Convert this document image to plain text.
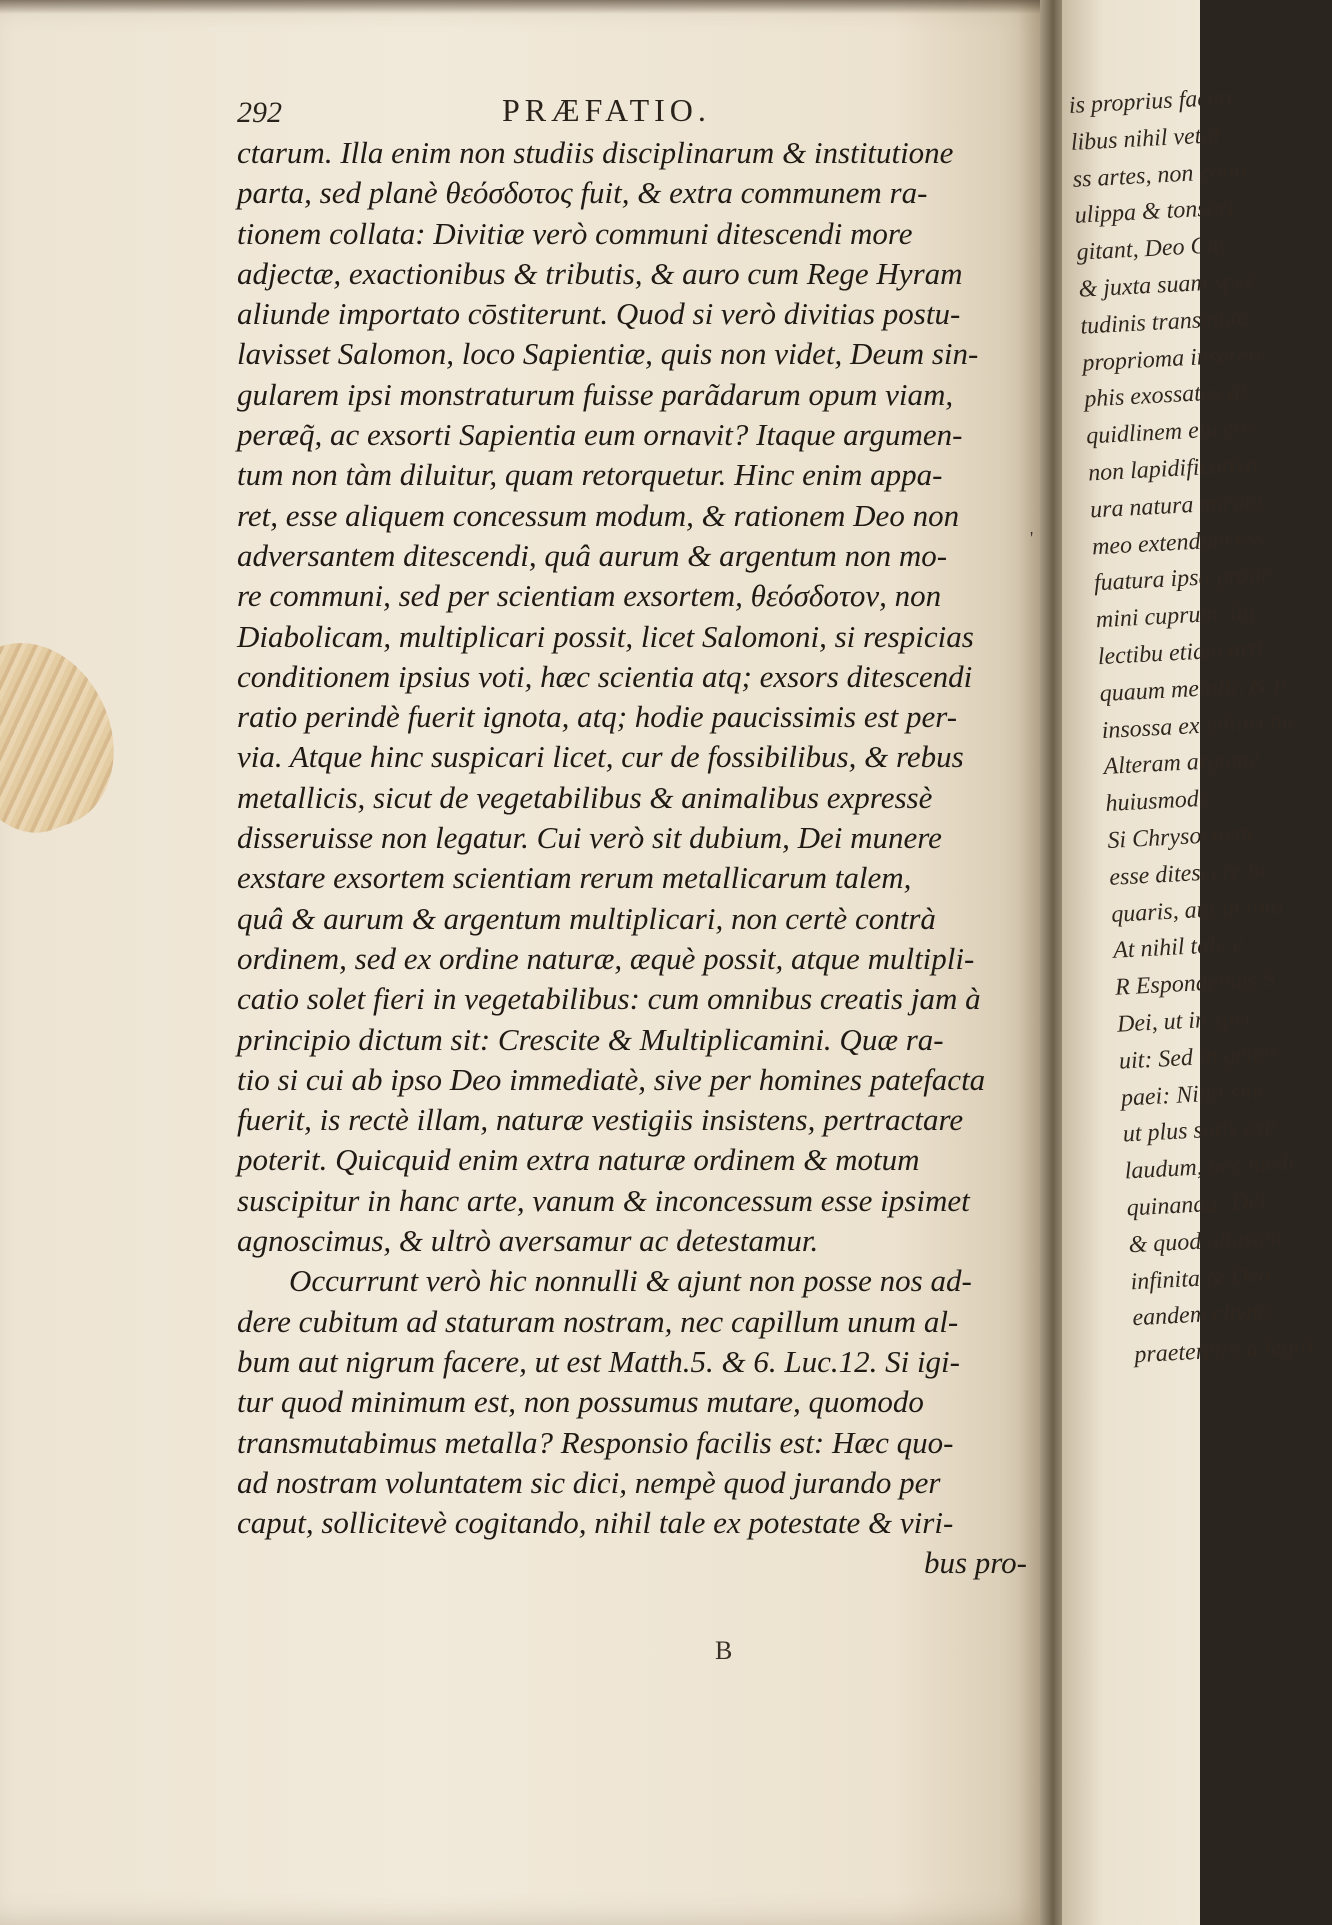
292	PRÆFATIO.
ctarum. Illa enim non studiis disciplinarum & institutione
parta, sed planè θεόσδοτος fuit, & extra communem ra-
tionem collata: Divitiæ verò communi ditescendi more
adjectæ, exactionibus & tributis, & auro cum Rege Hyram
aliunde importato cōstiterunt. Quod si verò divitias postu-
lavisset Salomon, loco Sapientiæ, quis non videt, Deum sin-
gularem ipsi monstraturum fuisse parãdarum opum viam,
peræq̃, ac exsorti Sapientia eum ornavit? Itaque argumen-
tum non tàm diluitur, quam retorquetur. Hinc enim appa-
ret, esse aliquem concessum modum, & rationem Deo non
adversantem ditescendi, quâ aurum & argentum non mo-
re communi, sed per scientiam exsortem, θεόσδοτον, non
Diabolicam, multiplicari possit, licet Salomoni, si respicias
conditionem ipsius voti, hæc scientia atq; exsors ditescendi
ratio perindè fuerit ignota, atq; hodie paucissimis est per-
via. Atque hinc suspicari licet, cur de fossibilibus, & rebus
metallicis, sicut de vegetabilibus & animalibus expressè
disseruisse non legatur. Cui verò sit dubium, Dei munere
exstare exsortem scientiam rerum metallicarum talem,
quâ & aurum & argentum multiplicari, non certè contrà
ordinem, sed ex ordine naturæ, æquè possit, atque multipli-
catio solet fieri in vegetabilibus: cum omnibus creatis jam à
principio dictum sit: Crescite & Multiplicamini. Quæ ra-
tio si cui ab ipso Deo immediatè, sive per homines patefacta
fuerit, is rectè illam, naturæ vestigiis insistens, pertractare
poterit. Quicquid enim extra naturæ ordinem & motum
suscipitur in hanc arte, vanum & inconcessum esse ipsimet
agnoscimus, & ultrò aversamur ac detestamur.
Occurrunt verò hic nonnulli & ajunt non posse nos ad-
dere cubitum ad staturam nostram, nec capillum unum al-
bum aut nigrum facere, ut est Matth.5. & 6. Luc.12. Si igi-
tur quod minimum est, non possumus mutare, quomodo
transmutabimus metalla? Responsio facilis est: Hæc quo-
ad nostram voluntatem sic dici, nempè quod jurando per
caput, sollicitevè cogitando, nihil tale ex potestate & viri-
bus pro-
'
B
is proprius facere
libus nihil vetat
ss artes, non contr
ulippa & tonsori
gitant, Deo Chy
& juxta suam spec
tudinis transmuta
proprioma inserere
phis exossatos ar
quidlinem elicere,
non lapidificativa
ura natura mirant
meo extendum ess
fuatura ipsa propr
mini cuprum, lig
lectibu etiam arti
quaum metalli, & p
insossa ex viliori me
Alteram argume
huiusmodi.
Si Chrysochym
esse ditescere lic
quaris, aut in tota
At nihil tale e
R Espondemus S
Dei, ut in spec
uit: Sed in gener
paei: Nihil sine
ut plus satis exp
laudum, nec medi
quinanda: Dei
& quod abusum,
infinita & Deo
eandem chymi
praeteretre a legiti
